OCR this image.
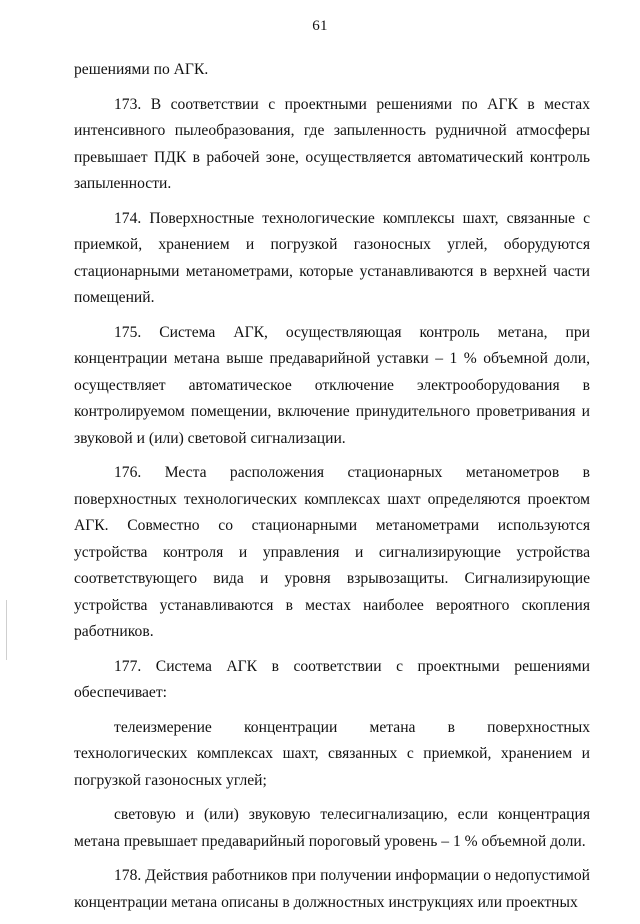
61

решениями по АГК.

173. В соответствии с проектными решениями по АГК в местах интенсивного пылеобразования, где запыленность рудничной атмосферы превышает ПДК в рабочей зоне, осуществляется автоматический контроль запыленности.

174. Поверхностные технологические комплексы шахт, связанные с приемкой, хранением и погрузкой газоносных углей, оборудуются стационарными метанометрами, которые устанавливаются в верхней части помещений.

175. Система АГК, осуществляющая контроль метана, при концентрации метана выше предаварийной уставки – 1 % объемной доли, осуществляет автоматическое отключение электрооборудования в контролируемом помещении, включение принудительного проветривания и звуковой и (или) световой сигнализации.

176. Места расположения стационарных метанометров в поверхностных технологических комплексах шахт определяются проектом АГК. Совместно со стационарными метанометрами используются устройства контроля и управления и сигнализирующие устройства соответствующего вида и уровня взрывозащиты. Сигнализирующие устройства устанавливаются в местах наиболее вероятного скопления работников.

177. Система АГК в соответствии с проектными решениями обеспечивает:

телеизмерение концентрации метана в поверхностных технологических комплексах шахт, связанных с приемкой, хранением и погрузкой газоносных углей;

световую и (или) звуковую телесигнализацию, если концентрация метана превышает предаварийный пороговый уровень – 1 % объемной доли.

178. Действия работников при получении информации о недопустимой концентрации метана описаны в должностных инструкциях или проектных
